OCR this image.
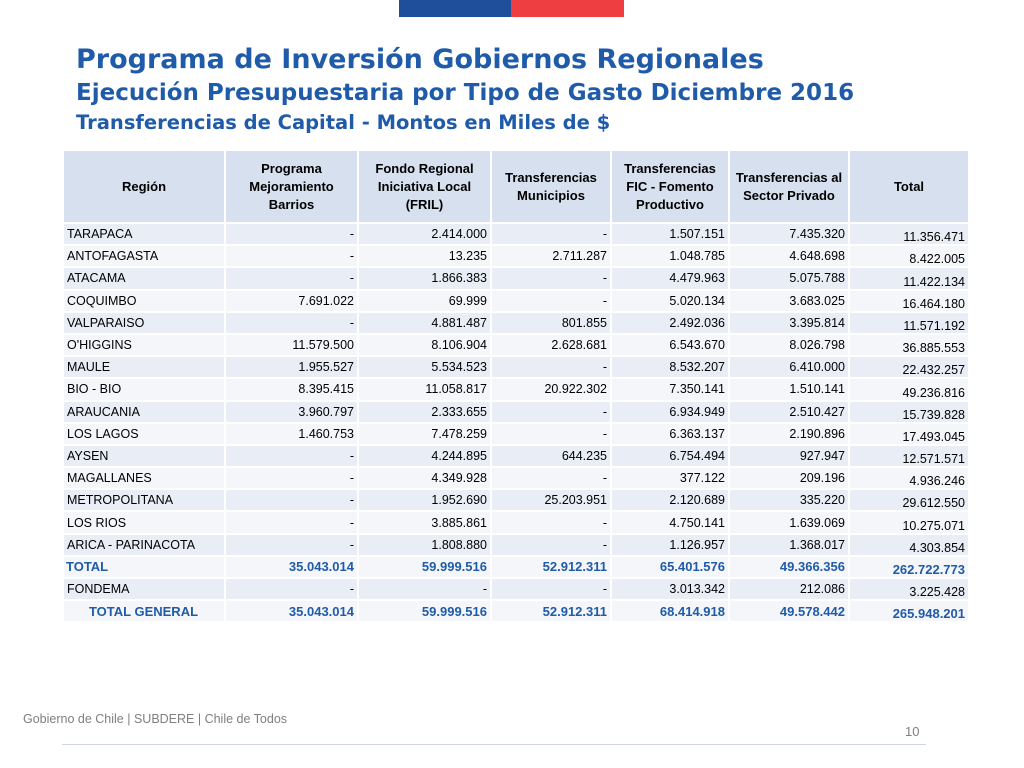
Programa de Inversión Gobiernos Regionales
Ejecución Presupuestaria por Tipo de Gasto Diciembre 2016
Transferencias de Capital - Montos en Miles de $
Región	Programa Mejoramiento Barrios	Fondo Regional Iniciativa Local (FRIL)	Transferencias Municipios	Transferencias FIC - Fomento Productivo	Transferencias al Sector Privado	Total
TARAPACA	-	2.414.000	-	1.507.151	7.435.320	11.356.471
ANTOFAGASTA	-	13.235	2.711.287	1.048.785	4.648.698	8.422.005
ATACAMA	-	1.866.383	-	4.479.963	5.075.788	11.422.134
COQUIMBO	7.691.022	69.999	-	5.020.134	3.683.025	16.464.180
VALPARAISO	-	4.881.487	801.855	2.492.036	3.395.814	11.571.192
O'HIGGINS	11.579.500	8.106.904	2.628.681	6.543.670	8.026.798	36.885.553
MAULE	1.955.527	5.534.523	-	8.532.207	6.410.000	22.432.257
BIO - BIO	8.395.415	11.058.817	20.922.302	7.350.141	1.510.141	49.236.816
ARAUCANIA	3.960.797	2.333.655	-	6.934.949	2.510.427	15.739.828
LOS LAGOS	1.460.753	7.478.259	-	6.363.137	2.190.896	17.493.045
AYSEN	-	4.244.895	644.235	6.754.494	927.947	12.571.571
MAGALLANES	-	4.349.928	-	377.122	209.196	4.936.246
METROPOLITANA	-	1.952.690	25.203.951	2.120.689	335.220	29.612.550
LOS RIOS	-	3.885.861	-	4.750.141	1.639.069	10.275.071
ARICA - PARINACOTA	-	1.808.880	-	1.126.957	1.368.017	4.303.854
TOTAL	35.043.014	59.999.516	52.912.311	65.401.576	49.366.356	262.722.773
FONDEMA	-	-	-	3.013.342	212.086	3.225.428
TOTAL GENERAL	35.043.014	59.999.516	52.912.311	68.414.918	49.578.442	265.948.201
Gobierno de Chile | SUBDERE | Chile de Todos
10
